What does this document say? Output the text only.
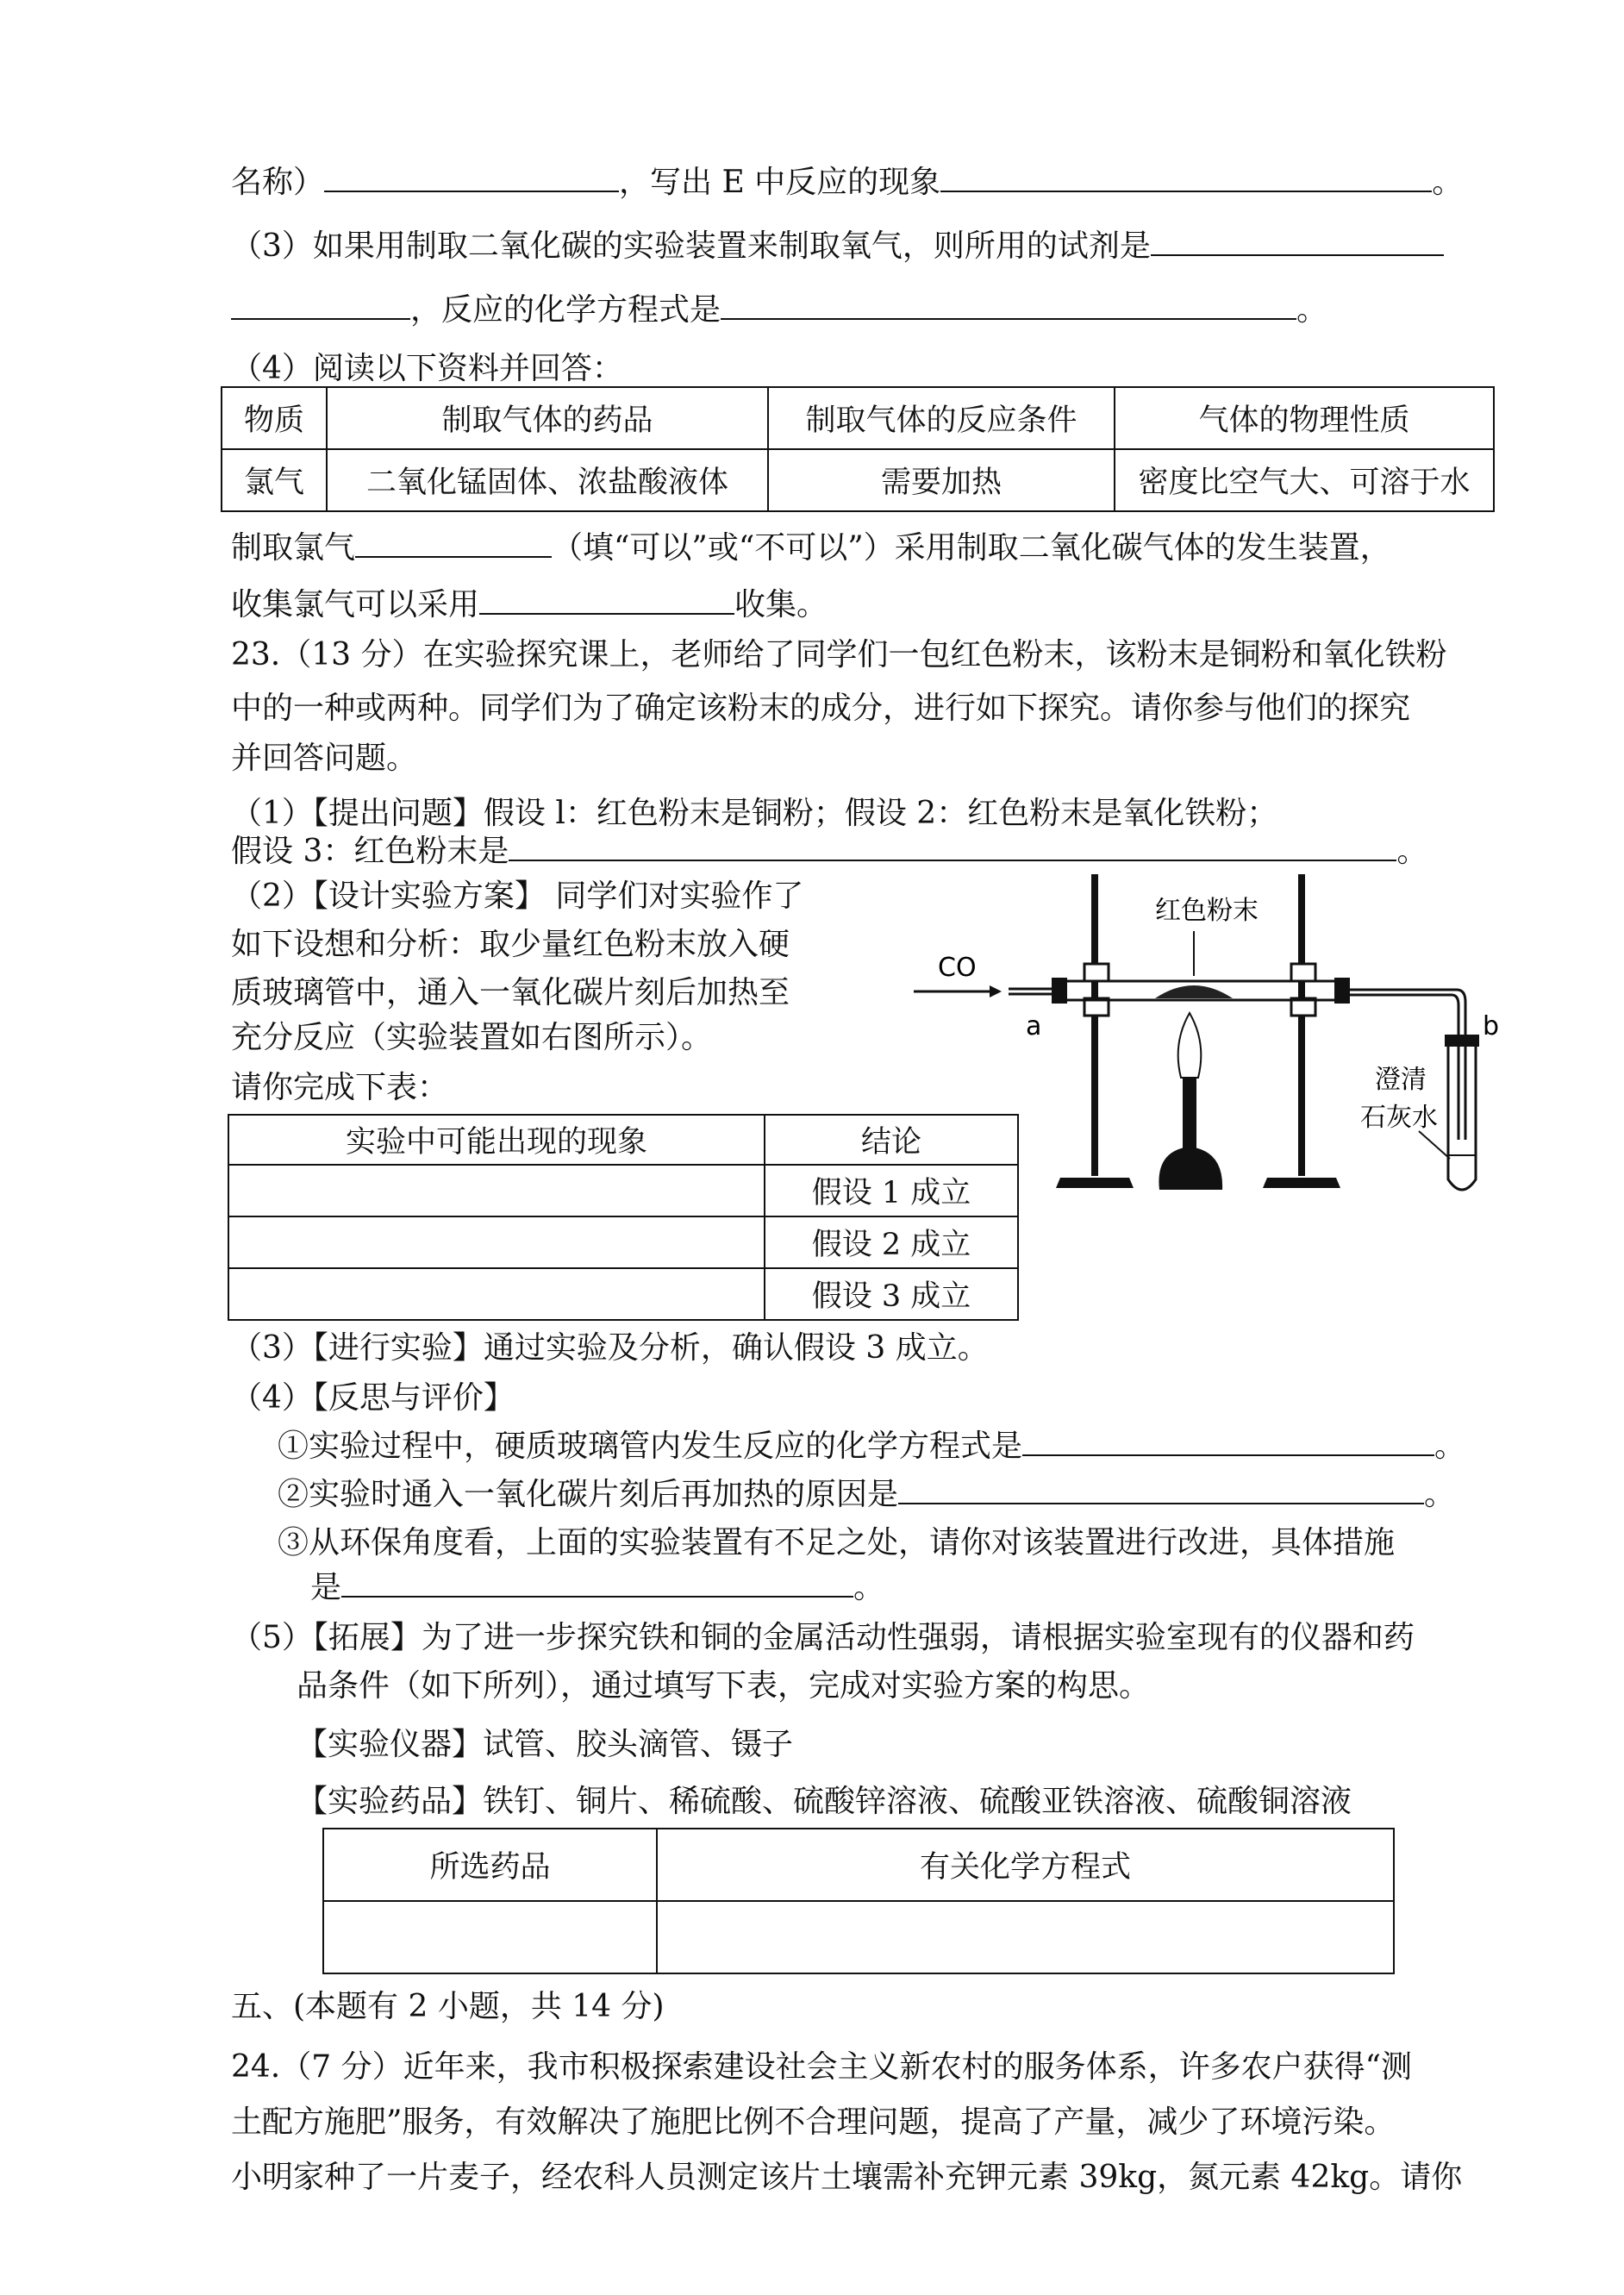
名称）	，写出 E 中反应的现象	。
（3）如果用制取二氧化碳的实验装置来制取氧气，则所用的试剂是
，反应的化学方程式是	。
（4）阅读以下资料并回答：
物质	制取气体的药品	制取气体的反应条件	气体的物理性质
氯气	二氧化锰固体、浓盐酸液体	需要加热	密度比空气大、可溶于水
制取氯气	（填“可以”或“不可以”）采用制取二氧化碳气体的发生装置，
收集氯气可以采用	收集。
23.（13 分）在实验探究课上，老师给了同学们一包红色粉末，该粉末是铜粉和氧化铁粉
中的一种或两种。同学们为了确定该粉末的成分，进行如下探究。请你参与他们的探究
并回答问题。
（1）【提出问题】假设 l：红色粉末是铜粉；假设 2：红色粉末是氧化铁粉；
假设 3：红色粉末是	。
（2）【设计实验方案】 同学们对实验作了
如下设想和分析：取少量红色粉末放入硬
质玻璃管中，通入一氧化碳片刻后加热至
充分反应（实验装置如右图所示）。
请你完成下表：
实验中可能出现的现象	结论
	假设 1 成立
	假设 2 成立
	假设 3 成立
CO
a
红色粉末
b
澄清
石灰水
（3）【进行实验】通过实验及分析，确认假设 3 成立。
（4）【反思与评价】
①实验过程中，硬质玻璃管内发生反应的化学方程式是	。
②实验时通入一氧化碳片刻后再加热的原因是	。
③从环保角度看，上面的实验装置有不足之处，请你对该装置进行改进，具体措施
是	。
（5）【拓展】为了进一步探究铁和铜的金属活动性强弱，请根据实验室现有的仪器和药
品条件（如下所列），通过填写下表，完成对实验方案的构思。
【实验仪器】试管、胶头滴管、镊子
【实验药品】铁钉、铜片、稀硫酸、硫酸锌溶液、硫酸亚铁溶液、硫酸铜溶液
所选药品	有关化学方程式

五、(本题有 2 小题，共 14 分)
24.（7 分）近年来，我市积极探索建设社会主义新农村的服务体系，许多农户获得“测
土配方施肥”服务，有效解决了施肥比例不合理问题，提高了产量，减少了环境污染。
小明家种了一片麦子，经农科人员测定该片土壤需补充钾元素 39kg，氮元素 42kg。请你
